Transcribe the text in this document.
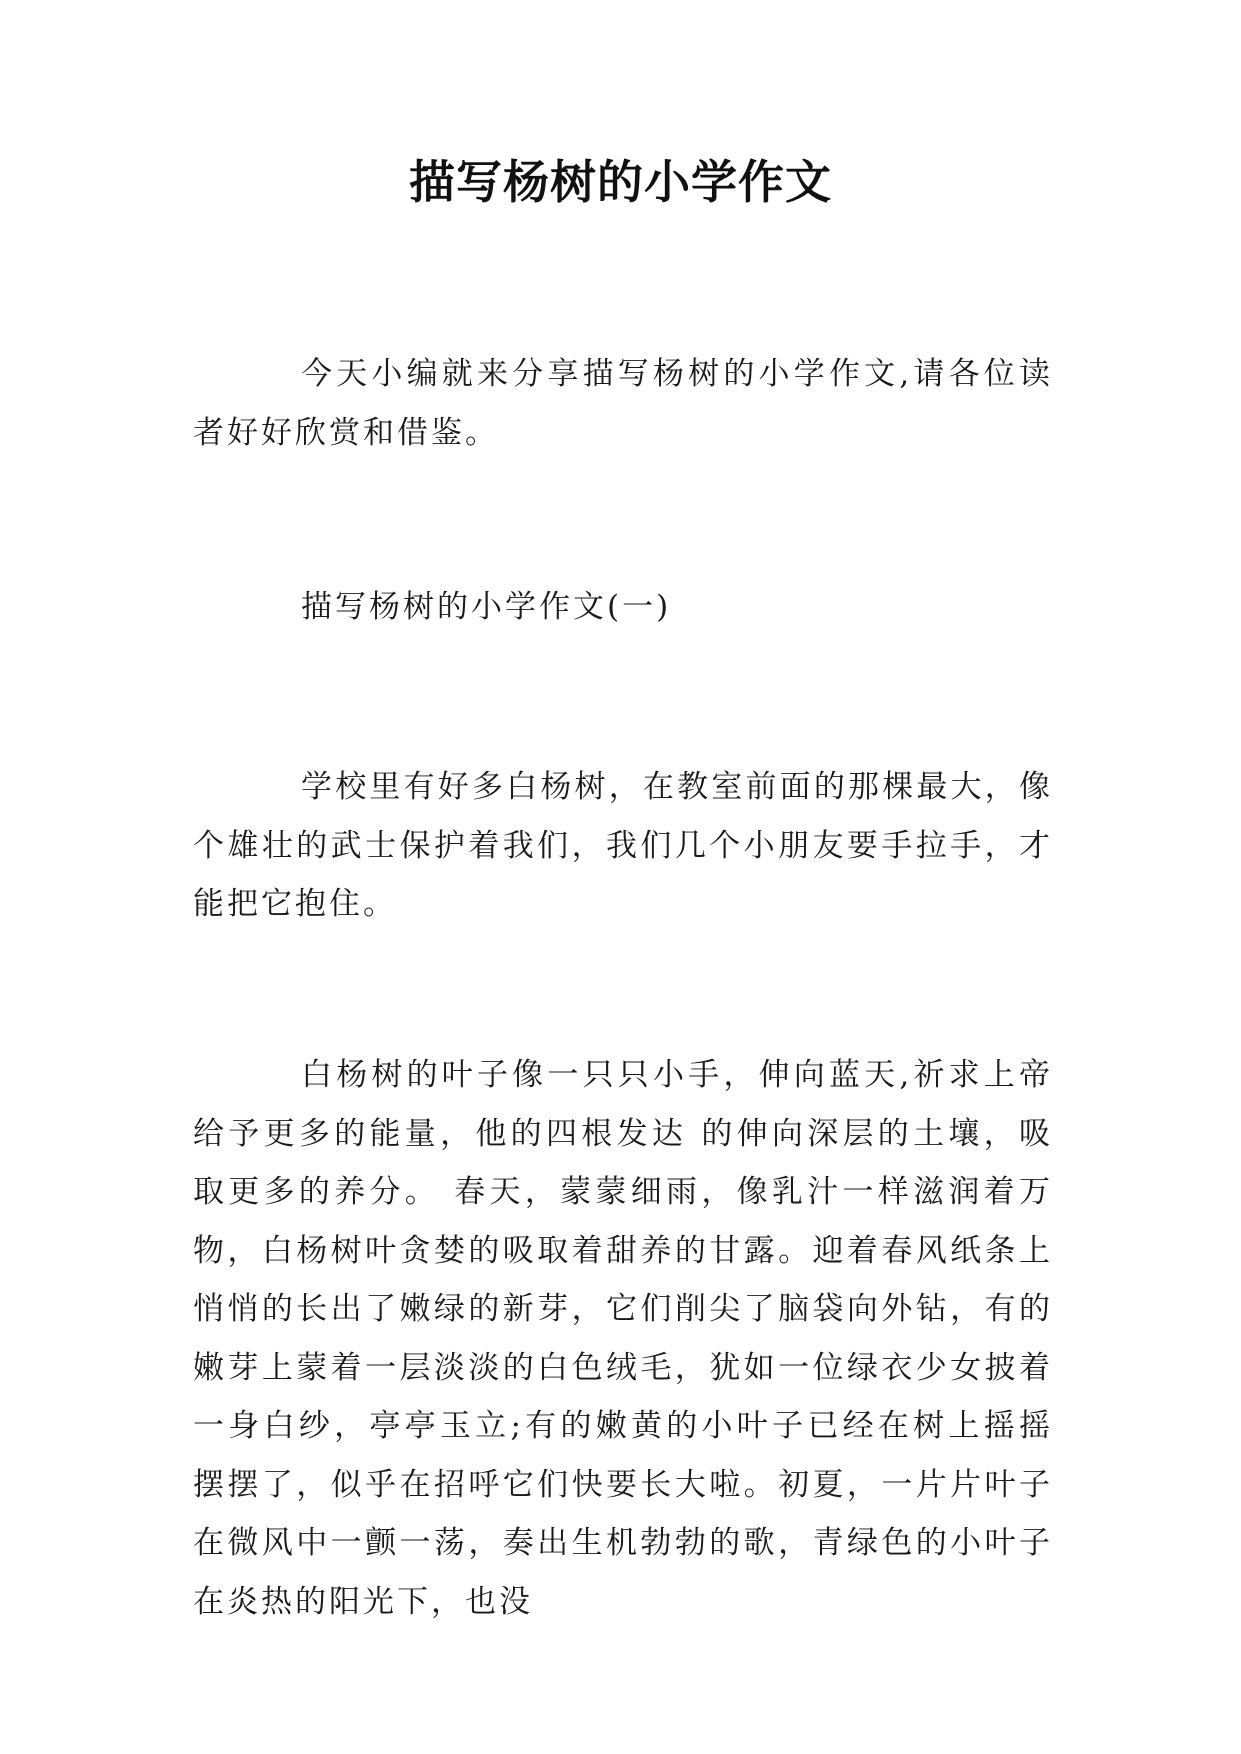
描写杨树的小学作文

今天小编就来分享描写杨树的小学作文,请各位读者好好欣赏和借鉴。

描写杨树的小学作文(一)

学校里有好多白杨树，在教室前面的那棵最大，像个雄壮的武士保护着我们，我们几个小朋友要手拉手，才能把它抱住。

白杨树的叶子像一只只小手，伸向蓝天,祈求上帝给予更多的能量，他的四根发达 的伸向深层的土壤，吸取更多的养分。 春天，蒙蒙细雨，像乳汁一样滋润着万物，白杨树叶贪婪的吸取着甜养的甘露。迎着春风纸条上悄悄的长出了嫩绿的新芽，它们削尖了脑袋向外钻，有的嫩芽上蒙着一层淡淡的白色绒毛，犹如一位绿衣少女披着一身白纱，亭亭玉立;有的嫩黄的小叶子已经在树上摇摇摆摆了，似乎在招呼它们快要长大啦。初夏，一片片叶子在微风中一颤一荡，奏出生机勃勃的歌，青绿色的小叶子在炎热的阳光下，也没
